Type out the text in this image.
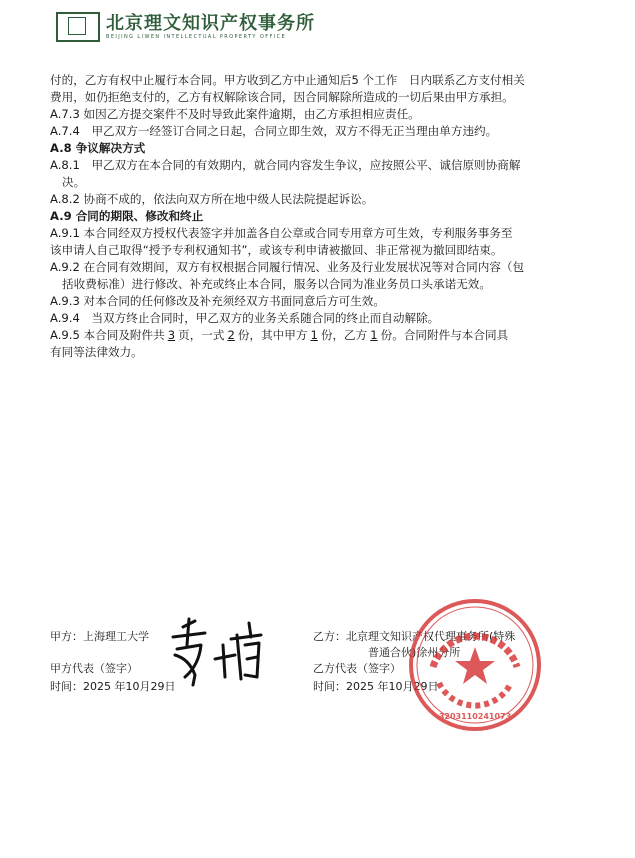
北京理文知识产权事务所
BEIJING LIWEN INTELLECTUAL PROPERTY OFFICE

付的，乙方有权中止履行本合同。甲方收到乙方中止通知后5 个工作　日内联系乙方支付相关

费用，如仍拒绝支付的，乙方有权解除该合同，因合同解除所造成的一切后果由甲方承担。

A.7.3 如因乙方提交案件不及时导致此案件逾期，由乙方承担相应责任。

A.7.4　甲乙双方一经签订合同之日起，合同立即生效，双方不得无正当理由单方违约。

A.8 争议解决方式

A.8.1　甲乙双方在本合同的有效期内，就合同内容发生争议，应按照公平、诚信原则协商解

决。

A.8.2 协商不成的，依法向双方所在地中级人民法院提起诉讼。

A.9 合同的期限、修改和终止

A.9.1 本合同经双方授权代表签字并加盖各自公章或合同专用章方可生效，专利服务事务至

该申请人自己取得“授予专利权通知书”，或该专利申请被撤回、非正常视为撤回即结束。

A.9.2 在合同有效期间，双方有权根据合同履行情况、业务及行业发展状况等对合同内容（包

括收费标准）进行修改、补充或终止本合同，服务以合同为准业务员口头承诺无效。

A.9.3 对本合同的任何修改及补充须经双方书面同意后方可生效。

A.9.4　当双方终止合同时，甲乙双方的业务关系随合同的终止而自动解除。

A.9.5 本合同及附件共 3 页，一式 2 份，其中甲方 1 份，乙方 1 份。合同附件与本合同具

有同等法律效力。

甲方：上海理工大学
甲方代表（签字）
时间：2025 年10月29日
乙方：北京理文知识产权代理事务所(特殊
普通合伙)徐州分所
乙方代表（签字）
时间：2025 年10月29日
3203110241073
